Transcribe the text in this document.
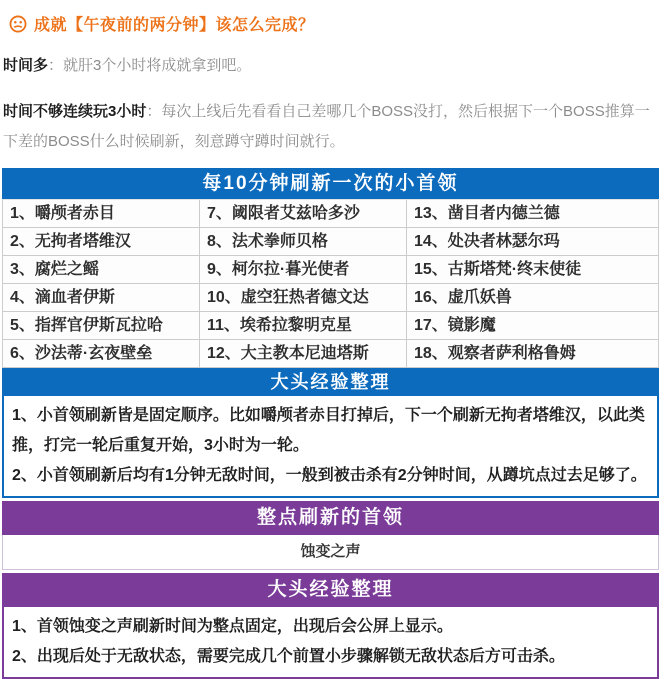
成就【午夜前的两分钟】该怎么完成？
时间多：就肝3个小时将成就拿到吧。
时间不够连续玩3小时：每次上线后先看看自己差哪几个BOSS没打，然后根据下一个BOSS推算一下差的BOSS什么时候刷新，刻意蹲守蹲时间就行。
每10分钟刷新一次的小首领
1、嚼颅者赤目	7、阈限者艾兹哈多沙	13、凿目者内德兰德
2、无拘者塔维汉	8、法术拳师贝格	14、处决者林瑟尔玛
3、腐烂之鳐	9、柯尔拉·暮光使者	15、古斯塔梵·终末使徒
4、滴血者伊斯	10、虚空狂热者德文达	16、虚爪妖兽
5、指挥官伊斯瓦拉哈	11、埃希拉黎明克星	17、镜影魔
6、沙法蒂·玄夜壁垒	12、大主教本尼迪塔斯	18、观察者萨利格鲁姆
大头经验整理
1、小首领刷新皆是固定顺序。比如嚼颅者赤目打掉后，下一个刷新无拘者塔维汉，以此类推，打完一轮后重复开始，3小时为一轮。
2、小首领刷新后均有1分钟无敌时间，一般到被击杀有2分钟时间，从蹲坑点过去足够了。
整点刷新的首领
蚀变之声
大头经验整理
1、首领蚀变之声刷新时间为整点固定，出现后会公屏上显示。
2、出现后处于无敌状态，需要完成几个前置小步骤解锁无敌状态后方可击杀。
